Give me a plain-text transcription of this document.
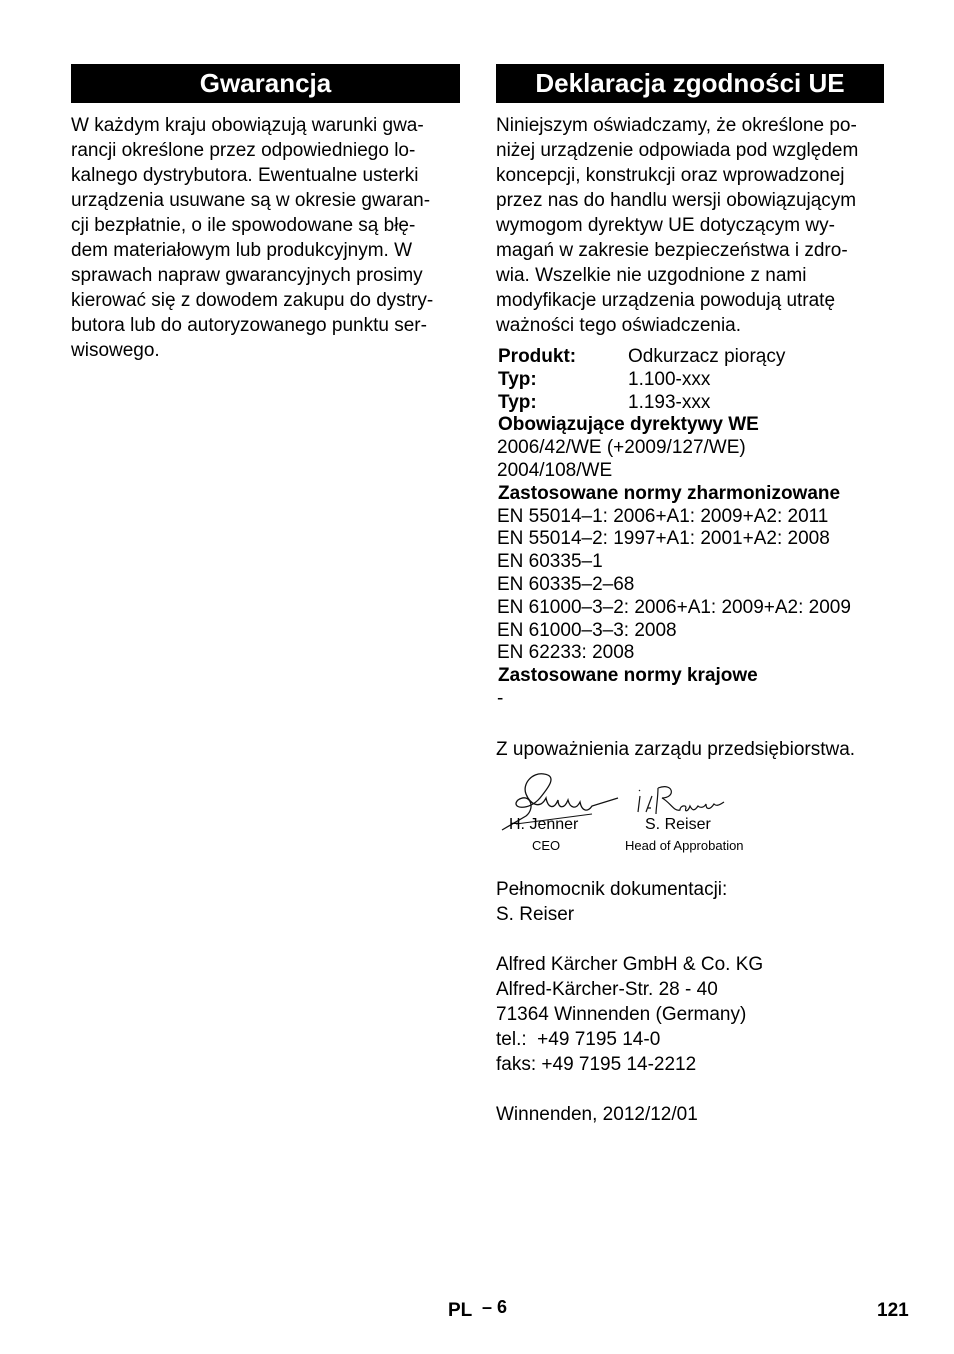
Gwarancja

W każdym kraju obowiązują warunki gwa-
rancji określone przez odpowiedniego lo-
kalnego dystrybutora. Ewentualne usterki
urządzenia usuwane są w okresie gwaran-
cji bezpłatnie, o ile spowodowane są błę-
dem materiałowym lub produkcyjnym. W
sprawach napraw gwarancyjnych prosimy
kierować się z dowodem zakupu do dystry-
butora lub do autoryzowanego punktu ser-
wisowego.

Deklaracja zgodności UE

Niniejszym oświadczamy, że określone po-
niżej urządzenie odpowiada pod względem
koncepcji, konstrukcji oraz wprowadzonej
przez nas do handlu wersji obowiązującym
wymogom dyrektyw UE dotyczącym wy-
magań w zakresie bezpieczeństwa i zdro-
wia. Wszelkie nie uzgodnione z nami
modyfikacje urządzenia powodują utratę
ważności tego oświadczenia.

Produkt:	Odkurzacz piorący
Typ:	1.100-xxx
Typ:	1.193-xxx
Obowiązujące dyrektywy WE
2006/42/WE (+2009/127/WE)
2004/108/WE
Zastosowane normy zharmonizowane
EN 55014–1: 2006+A1: 2009+A2: 2011
EN 55014–2: 1997+A1: 2001+A2: 2008
EN 60335–1
EN 60335–2–68
EN 61000–3–2: 2006+A1: 2009+A2: 2009
EN 61000–3–3: 2008
EN 62233: 2008
Zastosowane normy krajowe
-

Z upoważnienia zarządu przedsiębiorstwa.

H. Jenner
CEO
S. Reiser
Head of Approbation

Pełnomocnik dokumentacji:
S. Reiser

Alfred Kärcher GmbH & Co. KG
Alfred-Kärcher-Str. 28 - 40
71364 Winnenden (Germany)
tel.:  +49 7195 14-0
faks: +49 7195 14-2212

Winnenden, 2012/12/01

PL – 6	121
